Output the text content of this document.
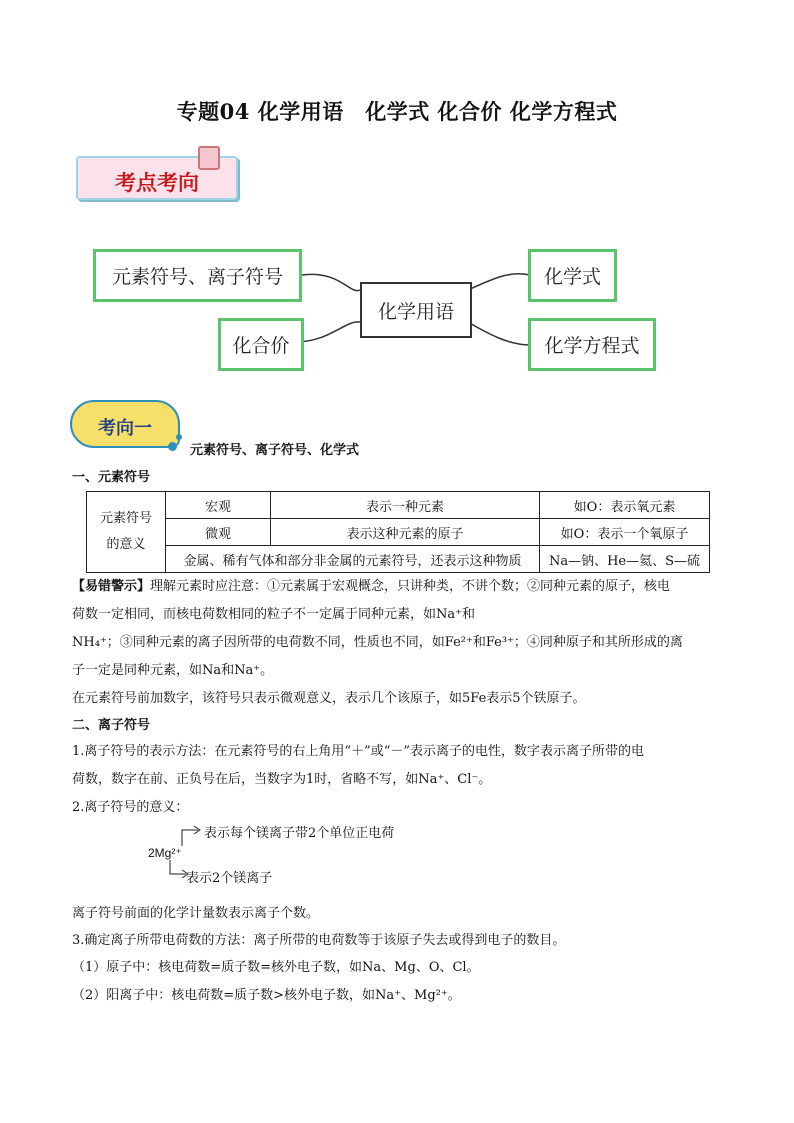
专题04 化学用语　化学式 化合价 化学方程式
考点考向
元素符号、离子符号
化合价
化学用语
化学式
化学方程式
考向一
元素符号、离子符号、化学式
一、元素符号
元素符号的意义	宏观	表示一种元素	如O：表示氧元素
	微观	表示这种元素的原子	如O：表示一个氧原子
	金属、稀有气体和部分非金属的元素符号，还表示这种物质		Na—钠、He—氦、S—硫
【易错警示】理解元素时应注意：①元素属于宏观概念，只讲种类，不讲个数；②同种元素的原子，核电
荷数一定相同，而核电荷数相同的粒子不一定属于同种元素，如Na⁺和
NH₄⁺；③同种元素的离子因所带的电荷数不同，性质也不同，如Fe²⁺和Fe³⁺；④同种原子和其所形成的离
子一定是同种元素，如Na和Na⁺。
在元素符号前加数字，该符号只表示微观意义，表示几个该原子，如5Fe表示5个铁原子。
二、离子符号
1.离子符号的表示方法：在元素符号的右上角用“＋”或“－”表示离子的电性，数字表示离子所带的电
荷数，数字在前、正负号在后，当数字为1时，省略不写，如Na⁺、Cl⁻。
2.离子符号的意义：
表示每个镁离子带2个单位正电荷
2Mg²⁺
表示2个镁离子
离子符号前面的化学计量数表示离子个数。
3.确定离子所带电荷数的方法：离子所带的电荷数等于该原子失去或得到电子的数目。
（1）原子中：核电荷数=质子数=核外电子数，如Na、Mg、O、Cl。
（2）阳离子中：核电荷数=质子数>核外电子数，如Na⁺、Mg²⁺。
